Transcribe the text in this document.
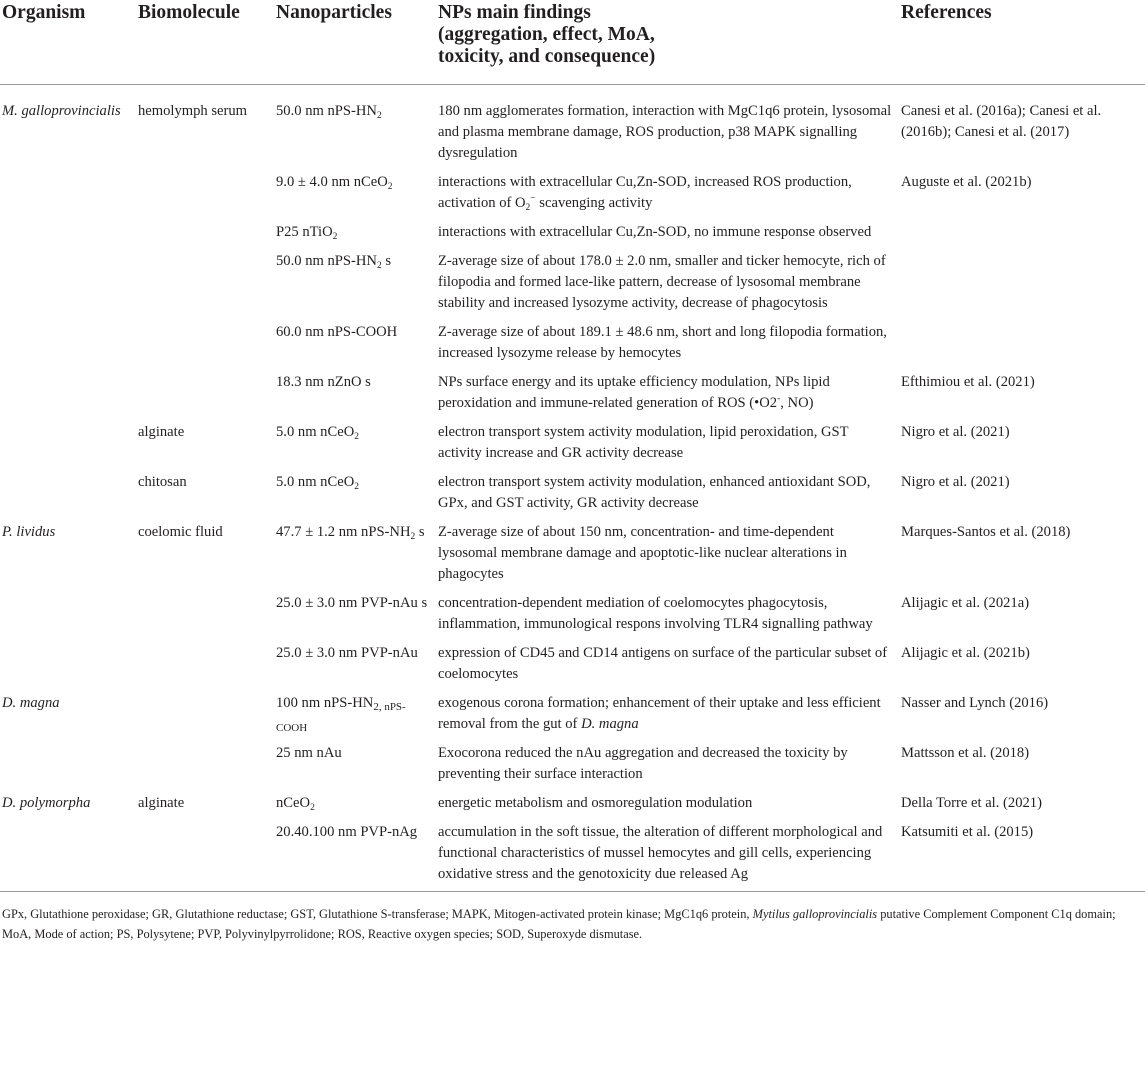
Organism	Biomolecule	Nanoparticles	NPs main findings
(aggregation, effect, MoA,
toxicity, and consequence)	References
M. galloprovincialis	hemolymph serum	50.0 nm nPS-$HN_2$	180 nm agglomerates formation, interaction with MgC1q6 protein, lysosomal and plasma membrane damage, ROS production, p38 MAPK signalling dysregulation	Canesi et al. (2016a); Canesi et al. (2016b); Canesi et al. (2017)
		9.0 ± 4.0 nm nCeO$_2$	interactions with extracellular Cu,Zn-SOD, increased ROS production, activation of $O_2^-$ scavenging activity	Auguste et al. (2021b)
		P25 nTiO$_2$	interactions with extracellular Cu,Zn-SOD, no immune response observed	
		50.0 nm nPS-$HN_2$ s	Z-average size of about 178.0 ± 2.0 nm, smaller and ticker hemocyte, rich of filopodia and formed lace-like pattern, decrease of lysosomal membrane stability and increased lysozyme activity, decrease of phagocytosis	
		60.0 nm nPS-COOH	Z-average size of about 189.1 ± 48.6 nm, short and long filopodia formation, increased lysozyme release by hemocytes	
		18.3 nm nZnO s	NPs surface energy and its uptake efficiency modulation, NPs lipid peroxidation and immune-related generation of ROS (•O2-, NO)	Efthimiou et al. (2021)
	alginate	5.0 nm nCeO$_2$	electron transport system activity modulation, lipid peroxidation, GST activity increase and GR activity decrease	Nigro et al. (2021)
	chitosan	5.0 nm nCeO$_2$	electron transport system activity modulation, enhanced antioxidant SOD, GPx, and GST activity, GR activity decrease	Nigro et al. (2021)
P. lividus	coelomic fluid	47.7 ± 1.2 nm nPS-$NH_2$ s	Z-average size of about 150 nm, concentration- and time-dependent lysosomal membrane damage and apoptotic-like nuclear alterations in phagocytes	Marques-Santos et al. (2018)
		25.0 ± 3.0 nm PVP-nAu s	concentration-dependent mediation of coelomocytes phagocytosis, inflammation, immunological respons involving TLR4 signalling pathway	Alijagic et al. (2021a)
		25.0 ± 3.0 nm PVP-nAu	expression of CD45 and CD14 antigens on surface of the particular subset of coelomocytes	Alijagic et al. (2021b)
D. magna		100 nm nPS-$HN_{2, nPS-COOH}$	exogenous corona formation; enhancement of their uptake and less efficient removal from the gut of D. magna	Nasser and Lynch (2016)
		25 nm nAu	Exocorona reduced the nAu aggregation and decreased the toxicity by preventing their surface interaction	Mattsson et al. (2018)
D. polymorpha	alginate	nCeO$_2$	energetic metabolism and osmoregulation modulation	Della Torre et al. (2021)
		20.40.100 nm PVP-nAg	accumulation in the soft tissue, the alteration of different morphological and functional characteristics of mussel hemocytes and gill cells, experiencing oxidative stress and the genotoxicity due released Ag	Katsumiti et al. (2015)
GPx, Glutathione peroxidase; GR, Glutathione reductase; GST, Glutathione S-transferase; MAPK, Mitogen-activated protein kinase; MgC1q6 protein, Mytilus galloprovincialis putative Complement Component C1q domain; MoA, Mode of action; PS, Polysytene; PVP, Polyvinylpyrrolidone; ROS, Reactive oxygen species; SOD, Superoxyde dismutase.
